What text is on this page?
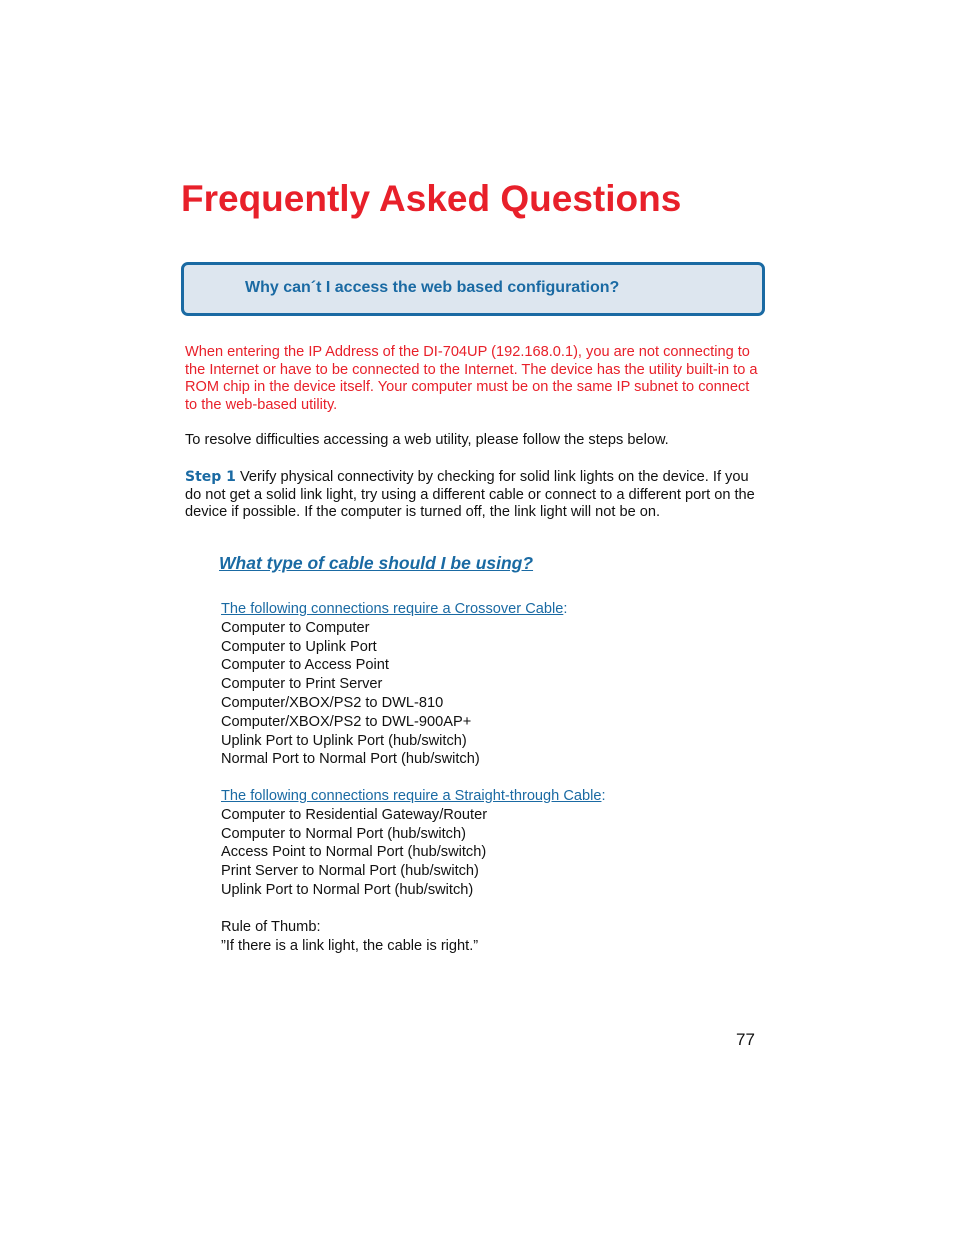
Frequently Asked Questions
Why can´t I access the web based configuration?

When entering the IP Address of the DI-704UP (192.168.0.1), you are not connecting to the Internet or have to be connected to the Internet. The device has the utility built-in to a ROM chip in the device itself. Your computer must be on the same IP subnet to connect to the web-based utility.

To resolve difficulties accessing a web utility, please follow the steps below.

Step 1 Verify physical connectivity by checking for solid link lights on the device. If you do not get a solid link light, try using a different cable or connect to a different port on the device if possible. If the computer is turned off, the link light will not be on.

What type of cable should I be using?
The following connections require a Crossover Cable:
Computer to Computer
Computer to Uplink Port
Computer to Access Point
Computer to Print Server
Computer/XBOX/PS2 to DWL-810
Computer/XBOX/PS2 to DWL-900AP+
Uplink Port to Uplink Port (hub/switch)
Normal Port to Normal Port (hub/switch)
The following connections require a Straight-through Cable:
Computer to Residential Gateway/Router
Computer to Normal Port (hub/switch)
Access Point to Normal Port (hub/switch)
Print Server to Normal Port (hub/switch)
Uplink Port to Normal Port (hub/switch)
Rule of Thumb:
”If there is a link light, the cable is right.”
77
